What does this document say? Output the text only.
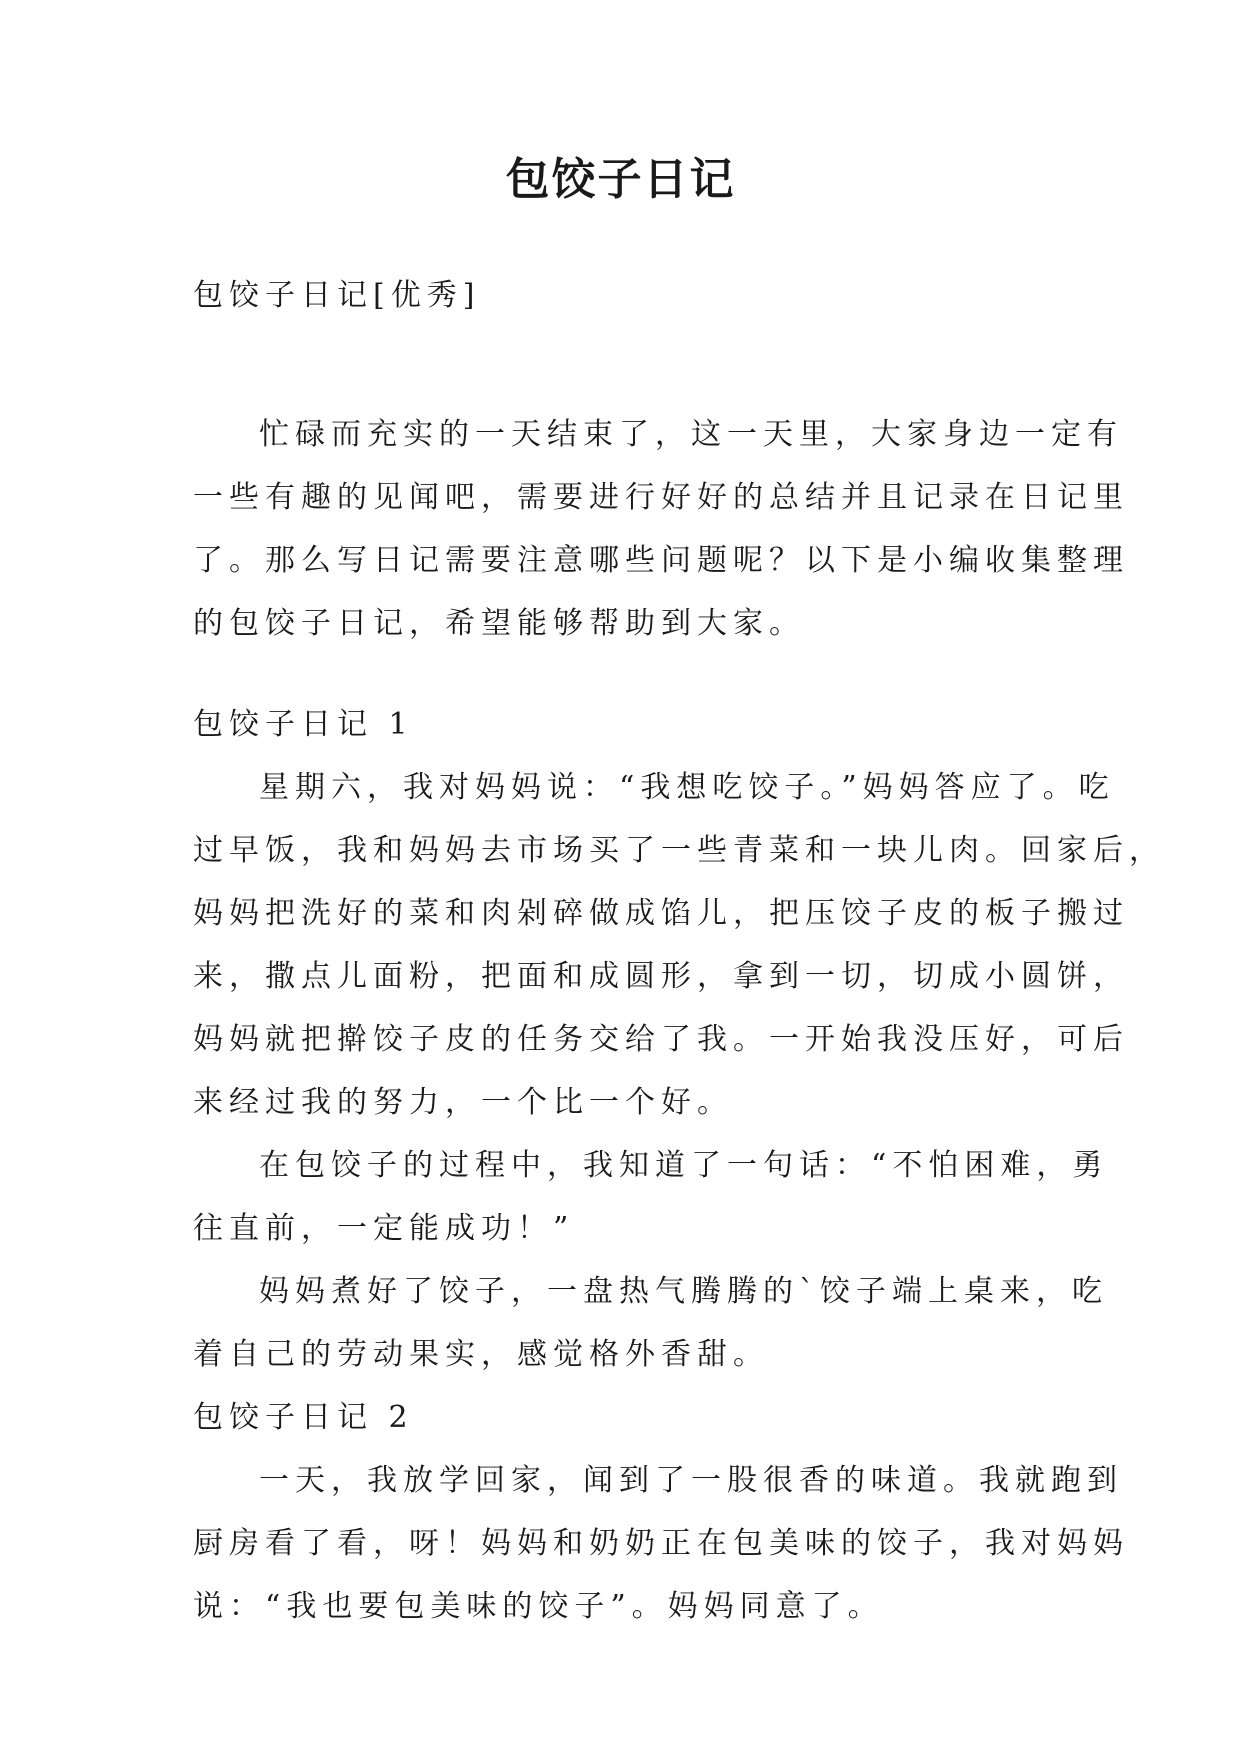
包饺子日记

包饺子日记[优秀]

忙碌而充实的一天结束了，这一天里，大家身边一定有
一些有趣的见闻吧，需要进行好好的总结并且记录在日记里
了。那么写日记需要注意哪些问题呢？以下是小编收集整理
的包饺子日记，希望能够帮助到大家。

包饺子日记 1

星期六，我对妈妈说：“我想吃饺子。”妈妈答应了。吃
过早饭，我和妈妈去市场买了一些青菜和一块儿肉。回家后，
妈妈把洗好的菜和肉剁碎做成馅儿，把压饺子皮的板子搬过
来，撒点儿面粉，把面和成圆形，拿到一切，切成小圆饼，
妈妈就把擀饺子皮的任务交给了我。一开始我没压好，可后
来经过我的努力，一个比一个好。

在包饺子的过程中，我知道了一句话：“不怕困难，勇
往直前，一定能成功！”

妈妈煮好了饺子，一盘热气腾腾的`饺子端上桌来，吃
着自己的劳动果实，感觉格外香甜。

包饺子日记 2

一天，我放学回家，闻到了一股很香的味道。我就跑到
厨房看了看，呀！妈妈和奶奶正在包美味的饺子，我对妈妈
说：“我也要包美味的饺子”。妈妈同意了。
